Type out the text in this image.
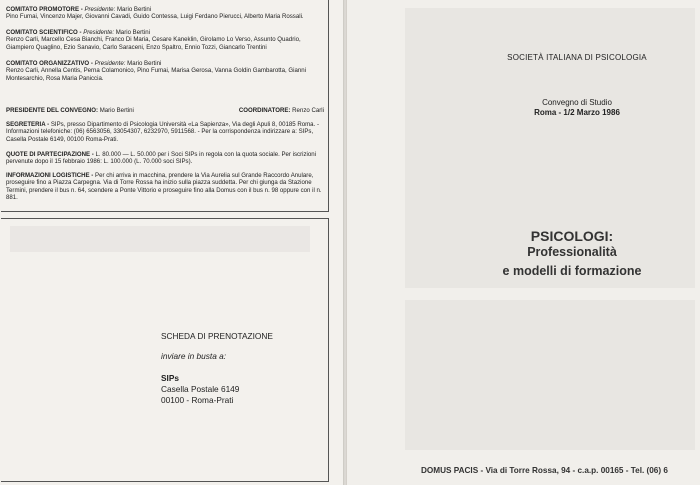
COMITATO PROMOTORE - Presidente: Mario Bertini
Pino Fumai, Vincenzo Majer, Giovanni Cavadi, Guido Contessa, Luigi Ferdano Pierucci, Alberto Maria Rossali.
COMITATO SCIENTIFICO - Presidente: Mario Bertini
Renzo Carli, Marcello Cesa Bianchi, Franco Di Maria, Cesare Kaneklin, Girolamo Lo Verso, Assunto Quadrio, Giampiero Quaglino, Ezio Sanavio, Carlo Saraceni, Enzo Spaltro, Ennio Tozzi, Giancarlo Trentini
COMITATO ORGANIZZATIVO - Presidente: Mario Bertini
Renzo Carli, Annella Centis, Perna Colamonico, Pino Fumai, Marisa Gerosa, Vanna Goldin Gambarotta, Gianni Montesarchio, Rosa Maria Paniccia.
PRESIDENTE DEL CONVEGNO: Mario Bertini	COORDINATORE: Renzo Carli
SEGRETERIA - SIPs, presso Dipartimento di Psicologia Università «La Sapienza», Via degli Apuli 8, 00185 Roma. - Informazioni telefoniche: (06) 6563056, 33054307, 6232970, 5911568. - Per la corrispondenza indirizzare a: SIPs, Casella Postale 6149, 00100 Roma-Prati.
QUOTE DI PARTECIPAZIONE - L. 80.000 — L. 50.000 per i Soci SIPs in regola con la quota sociale. Per iscrizioni pervenute dopo il 15 febbraio 1986: L. 100.000 (L. 70.000 soci SIPs).
INFORMAZIONI LOGISTICHE - Per chi arriva in macchina, prendere la Via Aurelia sul Grande Raccordo Anulare, proseguire fino a Piazza Carpegna. Via di Torre Rossa ha inizio sulla piazza suddetta. Per chi giunga da Stazione Termini, prendere il bus n. 64, scendere a Ponte Vittorio e proseguire fino alla Domus con il bus n. 98 oppure con il n. 881.
SCHEDA DI PRENOTAZIONE
inviare in busta a:
SIPs
Casella Postale 6149
00100 - Roma-Prati
SOCIETÀ ITALIANA DI PSICOLOGIA
Convegno di Studio
Roma - 1/2 Marzo 1986
PSICOLOGI:
Professionalità
e modelli di formazione
DOMUS PACIS - Via di Torre Rossa, 94 - c.a.p. 00165 - Tel. (06) 6
